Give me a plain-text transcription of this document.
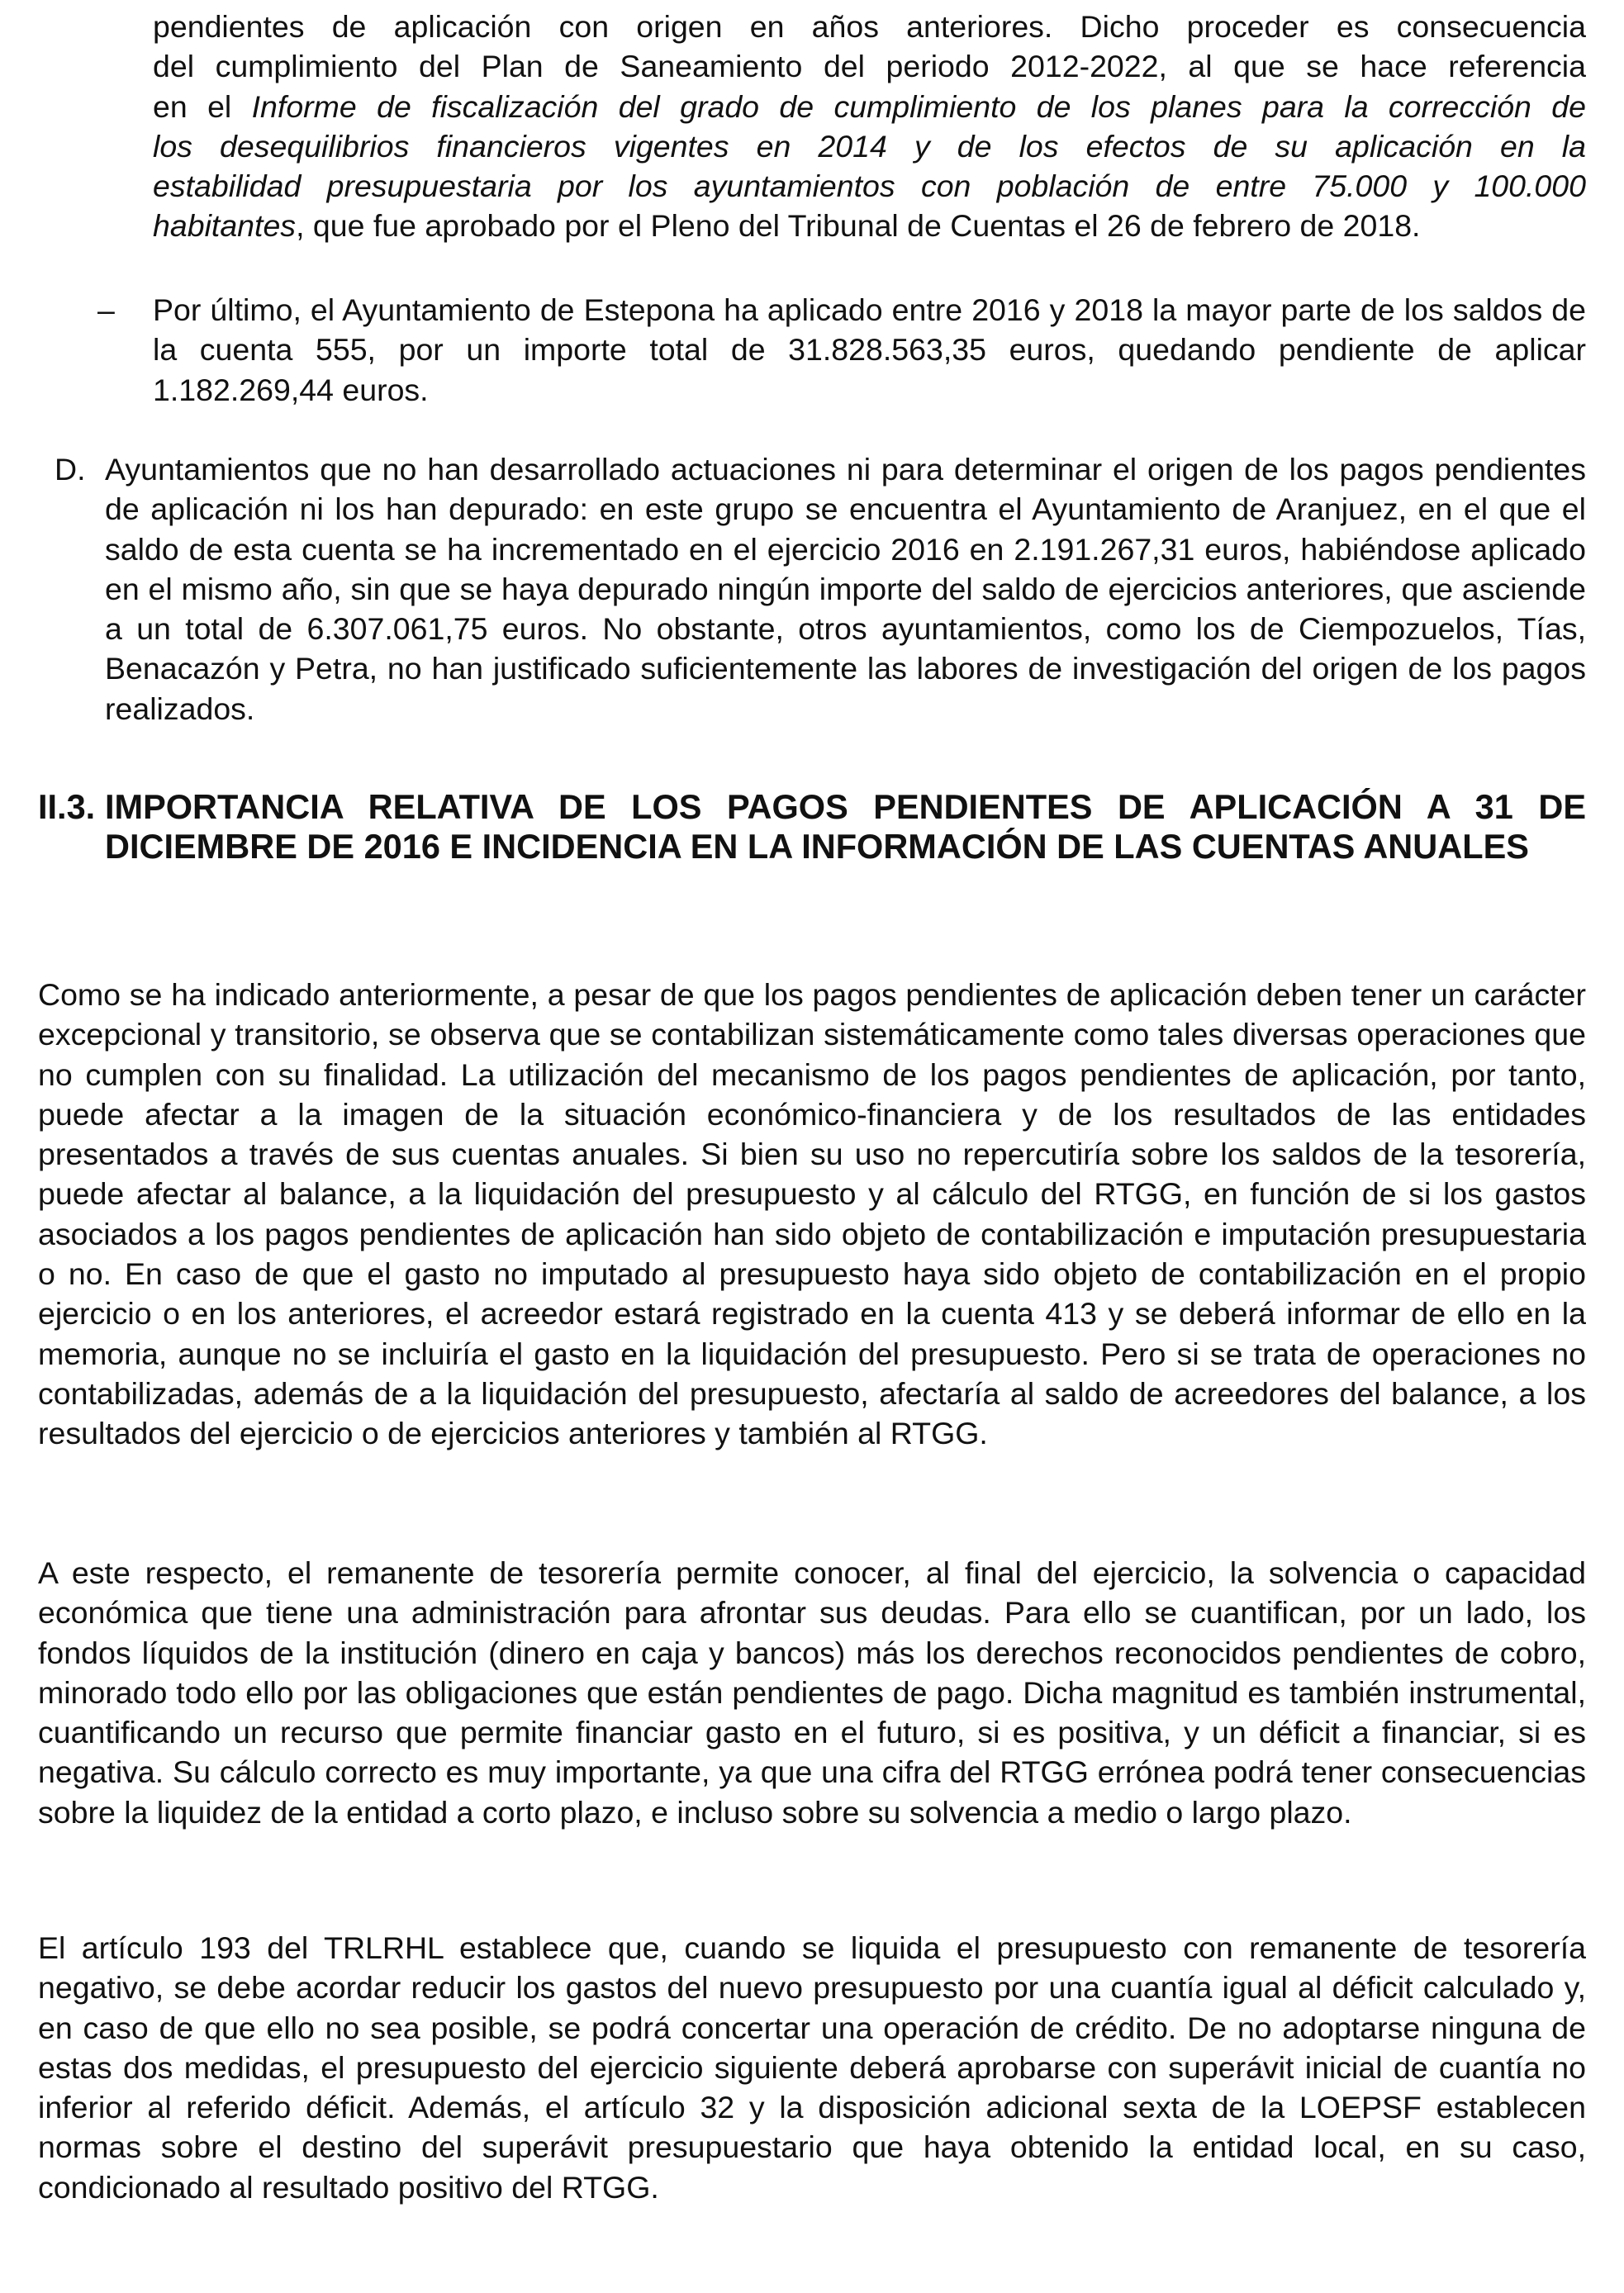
pendientes de aplicación con origen en años anteriores. Dicho proceder es consecuencia
del cumplimiento del Plan de Saneamiento del periodo 2012-2022, al que se hace referencia
en el Informe de fiscalización del grado de cumplimiento de los planes para la corrección de
los desequilibrios financieros vigentes en 2014 y de los efectos de su aplicación en la
estabilidad presupuestaria por los ayuntamientos con población de entre 75.000 y 100.000
habitantes, que fue aprobado por el Pleno del Tribunal de Cuentas el 26 de febrero de 2018.
– Por último, el Ayuntamiento de Estepona ha aplicado entre 2016 y 2018 la mayor parte de los saldos de la cuenta 555, por un importe total de 31.828.563,35 euros, quedando pendiente de aplicar 1.182.269,44 euros.

D. Ayuntamientos que no han desarrollado actuaciones ni para determinar el origen de los pagos pendientes de aplicación ni los han depurado: en este grupo se encuentra el Ayuntamiento de Aranjuez, en el que el saldo de esta cuenta se ha incrementado en el ejercicio 2016 en 2.191.267,31 euros, habiéndose aplicado en el mismo año, sin que se haya depurado ningún importe del saldo de ejercicios anteriores, que asciende a un total de 6.307.061,75 euros. No obstante, otros ayuntamientos, como los de Ciempozuelos, Tías, Benacazón y Petra, no han justificado suficientemente las labores de investigación del origen de los pagos realizados.

II.3. IMPORTANCIA RELATIVA DE LOS PAGOS PENDIENTES DE APLICACIÓN A 31 DE DICIEMBRE DE 2016 E INCIDENCIA EN LA INFORMACIÓN DE LAS CUENTAS ANUALES

Como se ha indicado anteriormente, a pesar de que los pagos pendientes de aplicación deben tener un carácter excepcional y transitorio, se observa que se contabilizan sistemáticamente como tales diversas operaciones que no cumplen con su finalidad. La utilización del mecanismo de los pagos pendientes de aplicación, por tanto, puede afectar a la imagen de la situación económico-financiera y de los resultados de las entidades presentados a través de sus cuentas anuales. Si bien su uso no repercutiría sobre los saldos de la tesorería, puede afectar al balance, a la liquidación del presupuesto y al cálculo del RTGG, en función de si los gastos asociados a los pagos pendientes de aplicación han sido objeto de contabilización e imputación presupuestaria o no. En caso de que el gasto no imputado al presupuesto haya sido objeto de contabilización en el propio ejercicio o en los anteriores, el acreedor estará registrado en la cuenta 413 y se deberá informar de ello en la memoria, aunque no se incluiría el gasto en la liquidación del presupuesto. Pero si se trata de operaciones no contabilizadas, además de a la liquidación del presupuesto, afectaría al saldo de acreedores del balance, a los resultados del ejercicio o de ejercicios anteriores y también al RTGG.

A este respecto, el remanente de tesorería permite conocer, al final del ejercicio, la solvencia o capacidad económica que tiene una administración para afrontar sus deudas. Para ello se cuantifican, por un lado, los fondos líquidos de la institución (dinero en caja y bancos) más los derechos reconocidos pendientes de cobro, minorado todo ello por las obligaciones que están pendientes de pago. Dicha magnitud es también instrumental, cuantificando un recurso que permite financiar gasto en el futuro, si es positiva, y un déficit a financiar, si es negativa. Su cálculo correcto es muy importante, ya que una cifra del RTGG errónea podrá tener consecuencias sobre la liquidez de la entidad a corto plazo, e incluso sobre su solvencia a medio o largo plazo.

El artículo 193 del TRLRHL establece que, cuando se liquida el presupuesto con remanente de tesorería negativo, se debe acordar reducir los gastos del nuevo presupuesto por una cuantía igual al déficit calculado y, en caso de que ello no sea posible, se podrá concertar una operación de crédito. De no adoptarse ninguna de estas dos medidas, el presupuesto del ejercicio siguiente deberá aprobarse con superávit inicial de cuantía no inferior al referido déficit. Además, el artículo 32 y la disposición adicional sexta de la LOEPSF establecen normas sobre el destino del superávit presupuestario que haya obtenido la entidad local, en su caso, condicionado al resultado positivo del RTGG.
